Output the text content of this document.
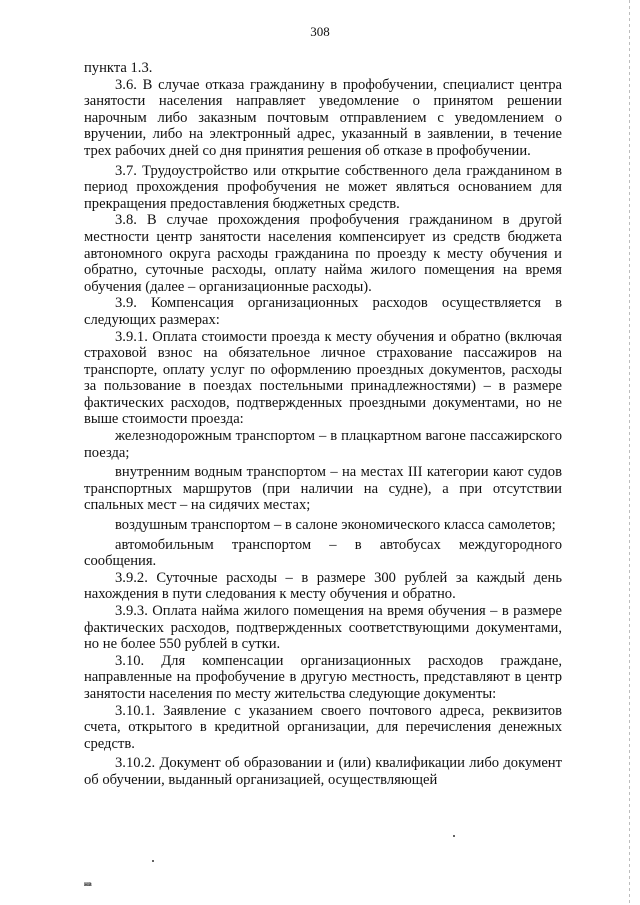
308

пункта 1.3.

3.6. В случае отказа гражданину в профобучении, специалист центра занятости населения направляет уведомление о принятом решении нарочным либо заказным почтовым отправлением с уведомлением о вручении, либо на электронный адрес, указанный в заявлении, в течение трех рабочих дней со дня принятия решения об отказе в профобучении.

3.7. Трудоустройство или открытие собственного дела гражданином в период прохождения профобучения не может являться основанием для прекращения предоставления бюджетных средств.

3.8. В случае прохождения профобучения гражданином в другой местности центр занятости населения компенсирует из средств бюджета автономного округа расходы гражданина по проезду к месту обучения и обратно, суточные расходы, оплату найма жилого помещения на время обучения (далее – организационные расходы).

3.9. Компенсация организационных расходов осуществляется в следующих размерах:

3.9.1. Оплата стоимости проезда к месту обучения и обратно (включая страховой взнос на обязательное личное страхование пассажиров на транспорте, оплату услуг по оформлению проездных документов, расходы за пользование в поездах постельными принадлежностями) – в размере фактических расходов, подтвержденных проездными документами, но не выше стоимости проезда:

железнодорожным транспортом – в плацкартном вагоне пассажирского поезда;

внутренним водным транспортом – на местах III категории кают судов транспортных маршрутов (при наличии на судне), а при отсутствии спальных мест – на сидячих местах;

воздушным транспортом – в салоне экономического класса самолетов;

автомобильным транспортом – в автобусах междугородного сообщения.

3.9.2. Суточные расходы – в размере 300 рублей за каждый день нахождения в пути следования к месту обучения и обратно.

3.9.3. Оплата найма жилого помещения на время обучения – в размере фактических расходов, подтвержденных соответствующими документами, но не более 550 рублей в сутки.

3.10. Для компенсации организационных расходов граждане, направленные на профобучение в другую местность, представляют в центр занятости населения по месту жительства следующие документы:

3.10.1. Заявление с указанием своего почтового адреса, реквизитов счета, открытого в кредитной организации, для перечисления денежных средств.

3.10.2. Документ об образовании и (или) квалификации либо документ об обучении, выданный организацией, осуществляющей

нв
